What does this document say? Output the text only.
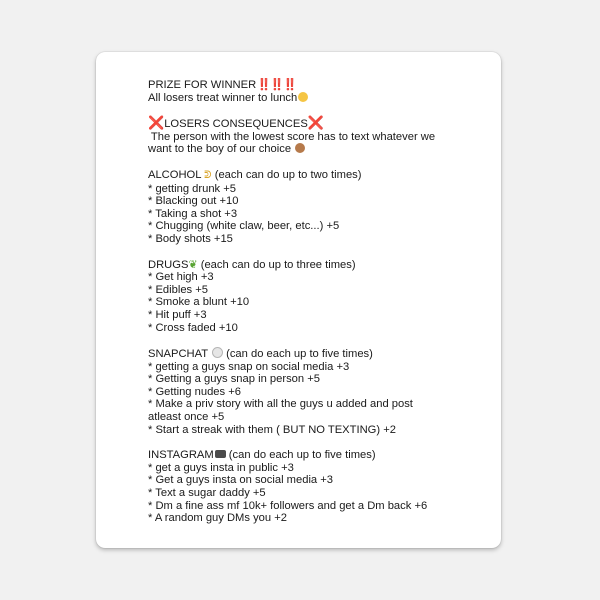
PRIZE FOR WINNER‼️‼️‼️
All losers treat winner to lunch
❌LOSERS CONSEQUENCES❌
The person with the lowest score has to text whatever we
want to the boy of our choice
ALCOHOL ᕲ (each can do up to two times)
* getting drunk +5
* Blacking out +10
* Taking a shot +3
* Chugging (white claw, beer, etc...) +5
* Body shots +15
DRUGS❦ (each can do up to three times)
* Get high +3
* Edibles +5
* Smoke a blunt +10
* Hit puff +3
* Cross faded +10
SNAPCHAT  (can do each up to five times)
* getting a guys snap on social media +3
* Getting a guys snap in person +5
* Getting nudes +6
* Make a priv story with all the guys u added and post
atleast once +5
* Start a streak with them ( BUT NO TEXTING) +2
INSTAGRAM (can do each up to five times)
* get a guys insta in public +3
* Get a guys insta on social media +3
* Text a sugar daddy +5
* Dm a fine ass mf 10k+ followers and get a Dm back +6
* A random guy DMs you +2
